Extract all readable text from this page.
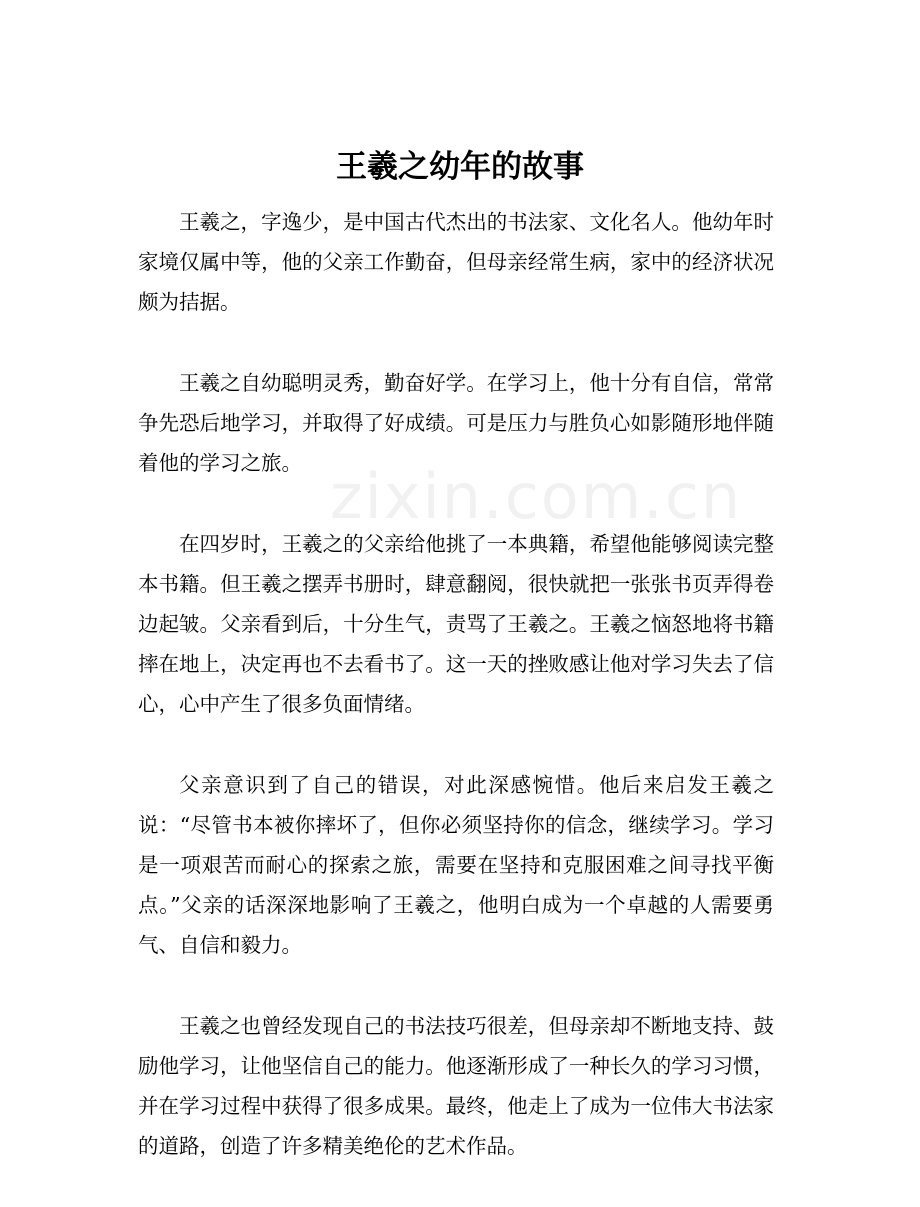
zixin.com.cn
王羲之幼年的故事

王羲之，字逸少，是中国古代杰出的书法家、文化名人。他幼年时家境仅属中等，他的父亲工作勤奋，但母亲经常生病，家中的经济状况颇为拮据。

王羲之自幼聪明灵秀，勤奋好学。在学习上，他十分有自信，常常争先恐后地学习，并取得了好成绩。可是压力与胜负心如影随形地伴随着他的学习之旅。

在四岁时，王羲之的父亲给他挑了一本典籍，希望他能够阅读完整本书籍。但王羲之摆弄书册时，肆意翻阅，很快就把一张张书页弄得卷边起皱。父亲看到后，十分生气，责骂了王羲之。王羲之恼怒地将书籍摔在地上，决定再也不去看书了。这一天的挫败感让他对学习失去了信心，心中产生了很多负面情绪。

父亲意识到了自己的错误，对此深感惋惜。他后来启发王羲之说：“尽管书本被你摔坏了，但你必须坚持你的信念，继续学习。学习是一项艰苦而耐心的探索之旅，需要在坚持和克服困难之间寻找平衡点。”父亲的话深深地影响了王羲之，他明白成为一个卓越的人需要勇气、自信和毅力。

王羲之也曾经发现自己的书法技巧很差，但母亲却不断地支持、鼓励他学习，让他坚信自己的能力。他逐渐形成了一种长久的学习习惯，并在学习过程中获得了很多成果。最终，他走上了成为一位伟大书法家的道路，创造了许多精美绝伦的艺术作品。
